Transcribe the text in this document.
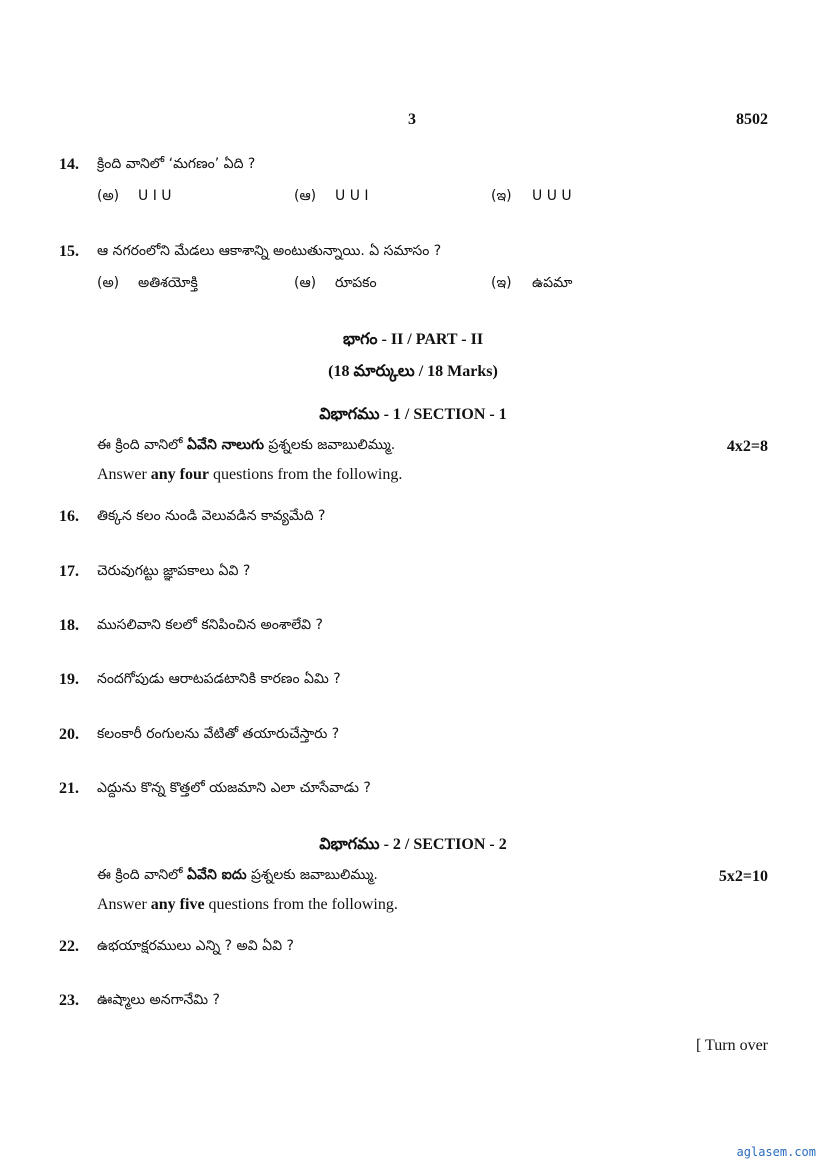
3	8502
14. క్రింది వానిలో ‘మగణం’ ఏది ?
(అ) U I U	(ఆ) U U I	(ఇ) U U U
15. ఆ నగరంలోని మేడలు ఆకాశాన్ని అంటుతున్నాయి. ఏ సమాసం ?
(అ) అతిశయోక్తి	(ఆ) రూపకం	(ఇ) ఉపమా
భాగం - II / PART - II
(18 మార్కులు / 18 Marks)
విభాగము - 1 / SECTION - 1
ఈ క్రింది వానిలో ఏవేని నాలుగు ప్రశ్నలకు జవాబులిమ్ము.	4x2=8
Answer any four questions from the following.
16. తిక్కన కలం నుండి వెలువడిన కావ్యమేది ?
17. చెరువుగట్టు జ్ఞాపకాలు ఏవి ?
18. ముసలివాని కలలో కనిపించిన అంశాలేవి ?
19. నందగోపుడు ఆరాటపడటానికి కారణం ఏమి ?
20. కలంకారీ రంగులను వేటితో తయారుచేస్తారు ?
21. ఎద్దును కొన్న కొత్తలో యజమాని ఎలా చూసేవాడు ?
విభాగము - 2 / SECTION - 2
ఈ క్రింది వానిలో ఏవేని ఐదు ప్రశ్నలకు జవాబులిమ్ము.	5x2=10
Answer any five questions from the following.
22. ఉభయాక్షరములు ఎన్ని ? అవి ఏవి ?
23. ఊష్మాలు అనగానేమి ?
[ Turn over
aglasem.com
